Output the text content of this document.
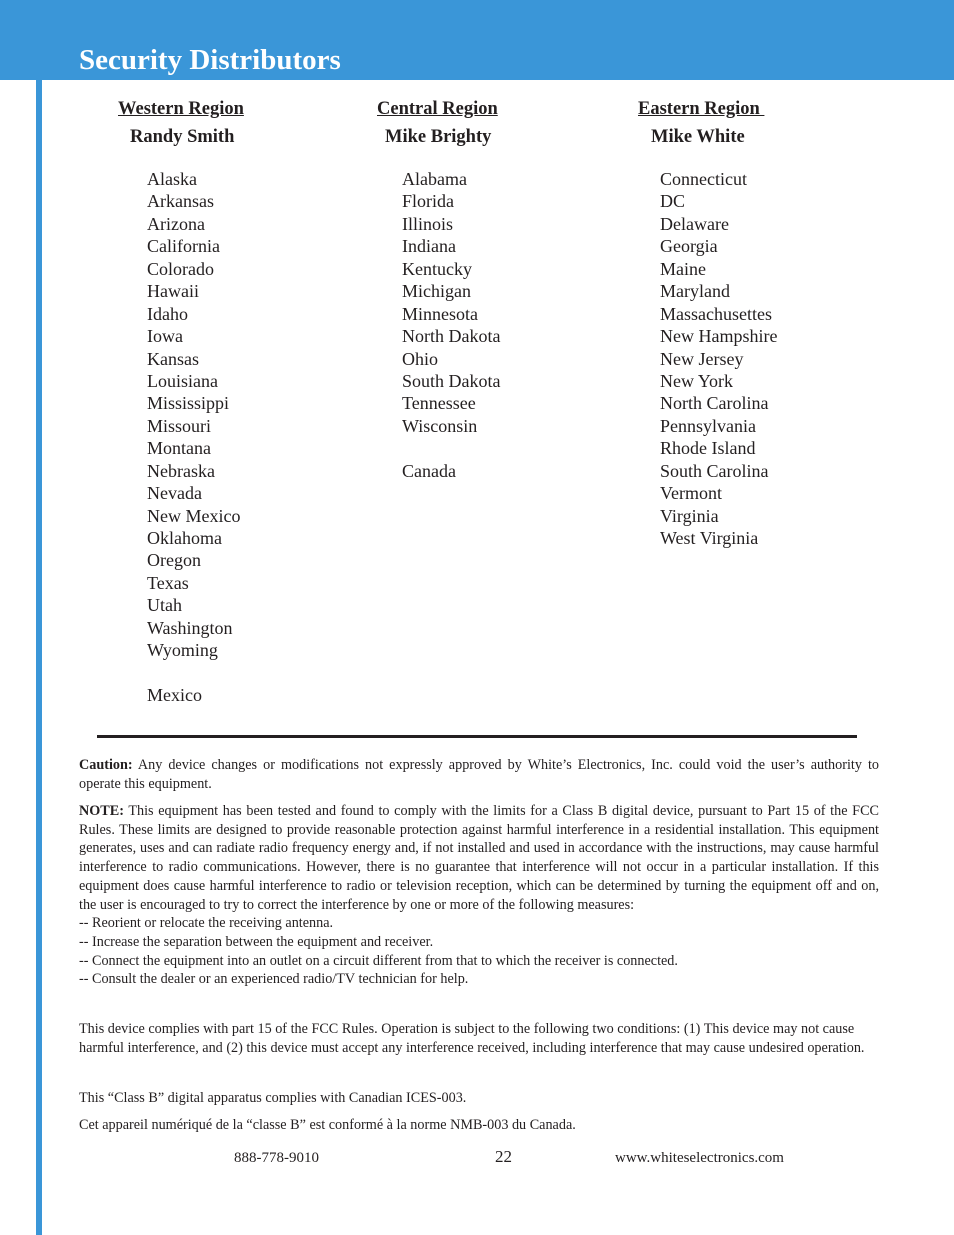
Security Distributors
Western Region
Randy Smith
Alaska
Arkansas
Arizona
California
Colorado
Hawaii
Idaho
Iowa
Kansas
Louisiana
Mississippi
Missouri
Montana
Nebraska
Nevada
New Mexico
Oklahoma
Oregon
Texas
Utah
Washington
Wyoming
Mexico
Central Region
Mike Brighty
Alabama
Florida
Illinois
Indiana
Kentucky
Michigan
Minnesota
North Dakota
Ohio
South Dakota
Tennessee
Wisconsin
Canada
Eastern Region
Mike White
Connecticut
DC
Delaware
Georgia
Maine
Maryland
Massachusettes
New Hampshire
New Jersey
New York
North Carolina
Pennsylvania
Rhode Island
South Carolina
Vermont
Virginia
West Virginia

Caution: Any device changes or modifications not expressly approved by White’s Electronics, Inc. could void the user’s authority to operate this equipment.

NOTE: This equipment has been tested and found to comply with the limits for a Class B digital device, pursuant to Part 15 of the FCC Rules. These limits are designed to provide reasonable protection against harmful interference in a residential installation. This equipment generates, uses and can radiate radio frequency energy and, if not installed and used in accordance with the instructions, may cause harmful interference to radio communications. However, there is no guarantee that interference will not occur in a particular installation. If this equipment does cause harmful interference to radio or television reception, which can be determined by turning the equipment off and on, the user is encouraged to try to correct the interference by one or more of the following measures:
-- Reorient or relocate the receiving antenna.
-- Increase the separation between the equipment and receiver.
-- Connect the equipment into an outlet on a circuit different from that to which the receiver is connected.
-- Consult the dealer or an experienced radio/TV technician for help.

This device complies with part 15 of the FCC Rules. Operation is subject to the following two conditions: (1) This device may not cause harmful interference, and (2) this device must accept any interference received, including interference that may cause undesired operation.

This “Class B” digital apparatus complies with Canadian ICES-003.

Cet appareil numériqué de la “classe B” est conformé à la norme NMB-003 du Canada.

888-778-9010	22	www.whiteselectronics.com
